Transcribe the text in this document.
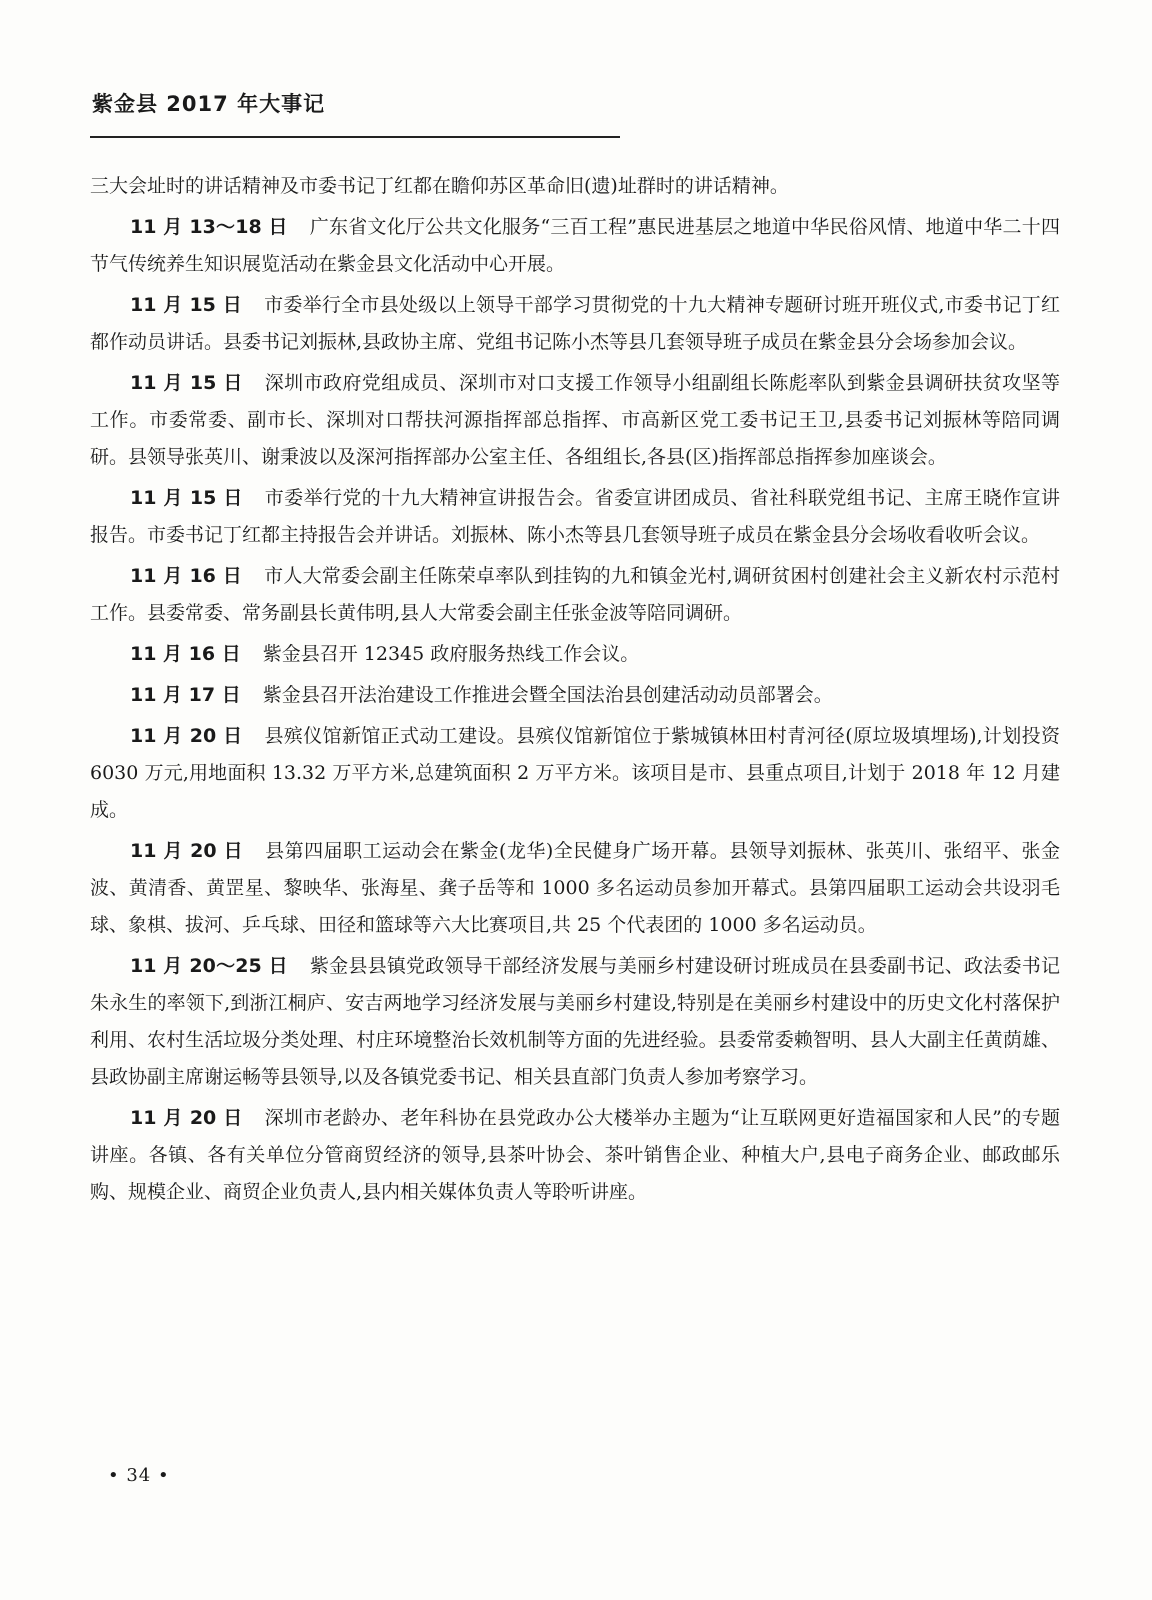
紫金县 2017 年大事记

三大会址时的讲话精神及市委书记丁红都在瞻仰苏区革命旧(遗)址群时的讲话精神。

11 月 13～18 日 广东省文化厅公共文化服务“三百工程”惠民进基层之地道中华民俗风情、地道中华二十四节气传统养生知识展览活动在紫金县文化活动中心开展。

11 月 15 日 市委举行全市县处级以上领导干部学习贯彻党的十九大精神专题研讨班开班仪式,市委书记丁红都作动员讲话。县委书记刘振林,县政协主席、党组书记陈小杰等县几套领导班子成员在紫金县分会场参加会议。

11 月 15 日 深圳市政府党组成员、深圳市对口支援工作领导小组副组长陈彪率队到紫金县调研扶贫攻坚等工作。市委常委、副市长、深圳对口帮扶河源指挥部总指挥、市高新区党工委书记王卫,县委书记刘振林等陪同调研。县领导张英川、谢秉波以及深河指挥部办公室主任、各组组长,各县(区)指挥部总指挥参加座谈会。

11 月 15 日 市委举行党的十九大精神宣讲报告会。省委宣讲团成员、省社科联党组书记、主席王晓作宣讲报告。市委书记丁红都主持报告会并讲话。刘振林、陈小杰等县几套领导班子成员在紫金县分会场收看收听会议。

11 月 16 日 市人大常委会副主任陈荣卓率队到挂钩的九和镇金光村,调研贫困村创建社会主义新农村示范村工作。县委常委、常务副县长黄伟明,县人大常委会副主任张金波等陪同调研。

11 月 16 日 紫金县召开 12345 政府服务热线工作会议。

11 月 17 日 紫金县召开法治建设工作推进会暨全国法治县创建活动动员部署会。

11 月 20 日 县殡仪馆新馆正式动工建设。县殡仪馆新馆位于紫城镇林田村青河径(原垃圾填埋场),计划投资 6030 万元,用地面积 13.32 万平方米,总建筑面积 2 万平方米。该项目是市、县重点项目,计划于 2018 年 12 月建成。

11 月 20 日 县第四届职工运动会在紫金(龙华)全民健身广场开幕。县领导刘振林、张英川、张绍平、张金波、黄清香、黄罡星、黎映华、张海星、龚子岳等和 1000 多名运动员参加开幕式。县第四届职工运动会共设羽毛球、象棋、拔河、乒乓球、田径和篮球等六大比赛项目,共 25 个代表团的 1000 多名运动员。

11 月 20～25 日 紫金县县镇党政领导干部经济发展与美丽乡村建设研讨班成员在县委副书记、政法委书记朱永生的率领下,到浙江桐庐、安吉两地学习经济发展与美丽乡村建设,特别是在美丽乡村建设中的历史文化村落保护利用、农村生活垃圾分类处理、村庄环境整治长效机制等方面的先进经验。县委常委赖智明、县人大副主任黄荫雄、县政协副主席谢运畅等县领导,以及各镇党委书记、相关县直部门负责人参加考察学习。

11 月 20 日 深圳市老龄办、老年科协在县党政办公大楼举办主题为“让互联网更好造福国家和人民”的专题讲座。各镇、各有关单位分管商贸经济的领导,县茶叶协会、茶叶销售企业、种植大户,县电子商务企业、邮政邮乐购、规模企业、商贸企业负责人,县内相关媒体负责人等聆听讲座。

• 34 •
